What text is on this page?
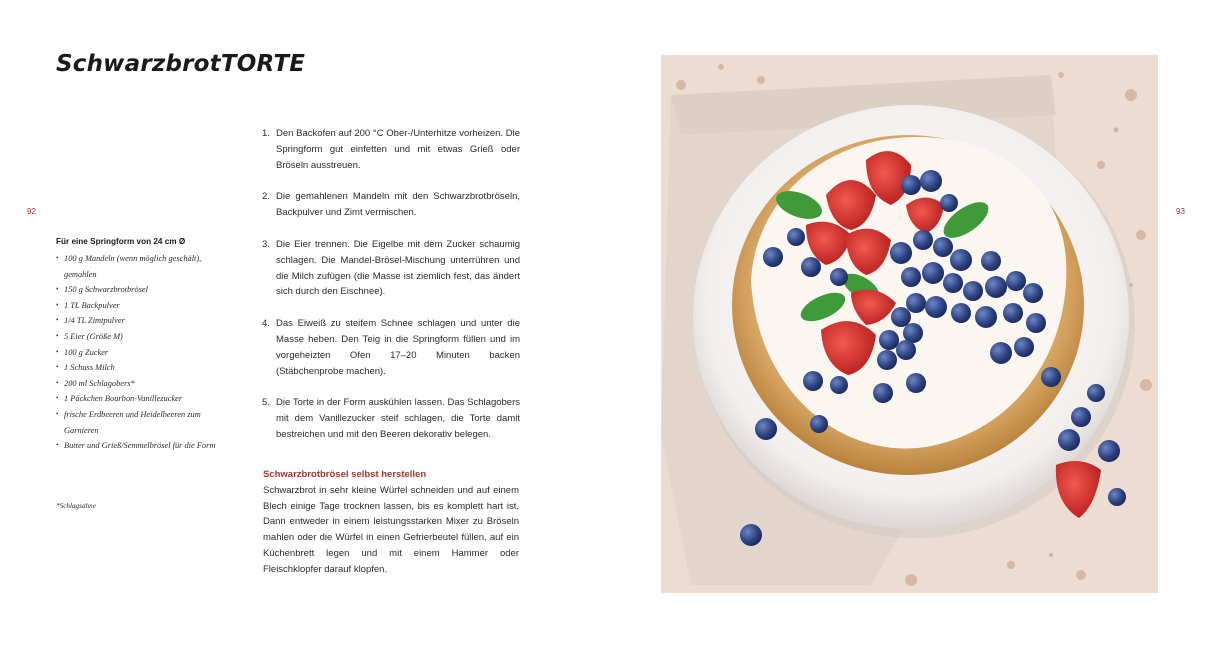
SchwarzbrotTORTE
92	93
Für eine Springform von 24 cm Ø
• 100 g Mandeln (wenn möglich geschält), gemahlen
• 150 g Schwarzbrotbrösel
• 1 TL Backpulver
• 1/4 TL Zimtpulver
• 5 Eier (Größe M)
• 100 g Zucker
• 1 Schuss Milch
• 200 ml Schlagobers*
• 1 Päckchen Bourbon-Vanillezucker
• frische Erdbeeren und Heidelbeeren zum Garnieren
• Butter und Grieß/Semmelbrösel für die Form
*Schlagsahne
1. Den Backofen auf 200 °C Ober-/Unterhitze vorheizen. Die Springform gut einfetten und mit etwas Grieß oder Bröseln ausstreuen.
2. Die gemahlenen Mandeln mit den Schwarzbrotbröseln, Backpulver und Zimt vermischen.
3. Die Eier trennen. Die Eigelbe mit dem Zucker schaumig schlagen. Die Mandel-Brösel-Mischung unterrühren und die Milch zufügen (die Masse ist ziemlich fest, das ändert sich durch den Eischnee).
4. Das Eiweiß zu steifem Schnee schlagen und unter die Masse heben. Den Teig in die Springform füllen und im vorgeheizten Ofen 17–20 Minuten backen (Stäbchenprobe machen).
5. Die Torte in der Form auskühlen lassen. Das Schlagobers mit dem Vanillezucker steif schlagen, die Torte damit bestreichen und mit den Beeren dekorativ belegen.
Schwarzbrotbrösel selbst herstellen
Schwarzbrot in sehr kleine Würfel schneiden und auf einem Blech einige Tage trocknen lassen, bis es komplett hart ist. Dann entweder in einem leistungsstarken Mixer zu Bröseln mahlen oder die Würfel in einen Gefrierbeutel füllen, auf ein Küchenbrett legen und mit einem Hammer oder Fleischklopfer darauf klopfen.
